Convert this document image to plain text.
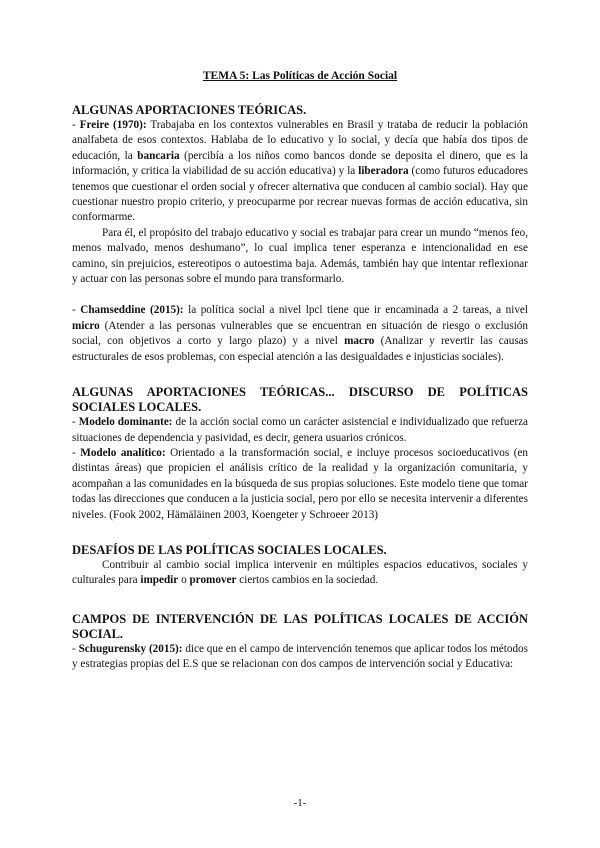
TEMA 5: Las Políticas de Acción Social
ALGUNAS APORTACIONES TEÓRICAS.

- Freire (1970): Trabajaba en los contextos vulnerables en Brasil y trataba de reducir la población analfabeta de esos contextos. Hablaba de lo educativo y lo social, y decía que había dos tipos de educación, la bancaria (percibía a los niños como bancos donde se deposita el dinero, que es la información, y critica la viabilidad de su acción educativa) y la liberadora (como futuros educadores tenemos que cuestionar el orden social y ofrecer alternativa que conducen al cambio social). Hay que cuestionar nuestro propio criterio, y preocuparme por recrear nuevas formas de acción educativa, sin conformarme.

Para él, el propósito del trabajo educativo y social es trabajar para crear un mundo “menos feo, menos malvado, menos deshumano”, lo cual implica tener esperanza e intencionalidad en ese camino, sin prejuicios, estereotipos o autoestima baja. Además, también hay que intentar reflexionar y actuar con las personas sobre el mundo para transformarlo.

- Chamseddine (2015): la política social a nivel lpcl tiene que ir encaminada a 2 tareas, a nivel micro (Atender a las personas vulnerables que se encuentran en situación de riesgo o exclusión social, con objetivos a corto y largo plazo) y a nivel macro (Analizar y revertir las causas estructurales de esos problemas, con especial atención a las desigualdades e injusticias sociales).

ALGUNAS APORTACIONES TEÓRICAS... DISCURSO DE POLÍTICAS SOCIALES LOCALES.

- Modelo dominante: de la acción social como un carácter asistencial e individualizado que refuerza situaciones de dependencia y pasividad, es decir, genera usuarios crónicos.

- Modelo analítico: Orientado a la transformación social, e incluye procesos socioeducativos (en distintas áreas) que propicien el análisis crítico de la realidad y la organización comunitaria, y acompañan a las comunidades en la búsqueda de sus propias soluciones. Este modelo tiene que tomar todas las direcciones que conducen a la justicia social, pero por ello se necesita intervenir a diferentes niveles. (Fook 2002, Hämäläinen 2003, Koengeter y Schroeer 2013)

DESAFÍOS DE LAS POLÍTICAS SOCIALES LOCALES.

Contribuir al cambio social implica intervenir en múltiples espacios educativos, sociales y culturales para impedir o promover ciertos cambios en la sociedad.

CAMPOS DE INTERVENCIÓN DE LAS POLÍTICAS LOCALES DE ACCIÓN SOCIAL.

- Schugurensky (2015): dice que en el campo de intervención tenemos que aplicar todos los métodos y estrategias propias del E.S que se relacionan con dos campos de intervención social y Educativa:

-1-
